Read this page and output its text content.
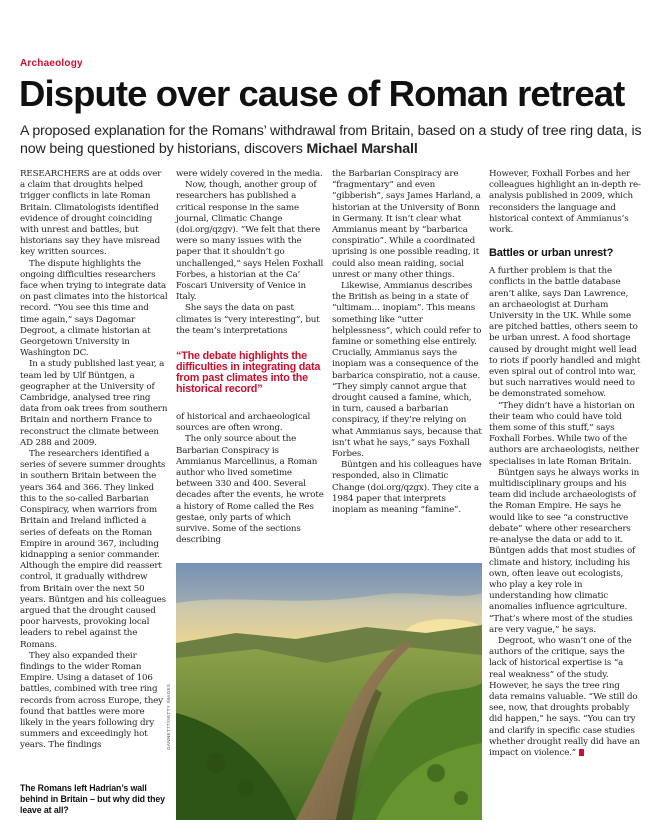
Archaeology
Dispute over cause of Roman retreat
A proposed explanation for the Romans’ withdrawal from Britain, based on a study of tree ring data, is now being questioned by historians, discovers Michael Marshall

RESEARCHERS are at odds over a claim that droughts helped trigger conflicts in late Roman Britain. Climatologists identified evidence of drought coinciding with unrest and battles, but historians say they have misread key written sources.

The dispute highlights the ongoing difficulties researchers face when trying to integrate data on past climates into the historical record. “You see this time and time again,” says Dagomar Degroot, a climate historian at Georgetown University in Washington DC.

In a study published last year, a team led by Ulf Büntgen, a geographer at the University of Cambridge, analysed tree ring data from oak trees from southern Britain and northern France to reconstruct the climate between AD 288 and 2009.

The researchers identified a series of severe summer droughts in southern Britain between the years 364 and 366. They linked this to the so-called Barbarian Conspiracy, when warriors from Britain and Ireland inflicted a series of defeats on the Roman Empire in around 367, including kidnapping a senior commander. Although the empire did reassert control, it gradually withdrew from Britain over the next 50 years. Büntgen and his colleagues argued that the drought caused poor harvests, provoking local leaders to rebel against the Romans.

They also expanded their findings to the wider Roman Empire. Using a dataset of 106 battles, combined with tree ring records from across Europe, they found that battles were more likely in the years following dry summers and exceedingly hot years. The findings

The Romans left Hadrian’s wall behind in Britain – but why did they leave at all?

were widely covered in the media.

Now, though, another group of researchers has published a critical response in the same journal, Climatic Change (doi.org/qzgv). “We felt that there were so many issues with the paper that it shouldn’t go unchallenged,” says Helen Foxhall Forbes, a historian at the Ca’ Foscari University of Venice in Italy.

She says the data on past climates is “very interesting”, but the team’s interpretations

“The debate highlights the difficulties in integrating data from past climates into the historical record”

of historical and archaeological sources are often wrong.

The only source about the Barbarian Conspiracy is Ammianus Marcellinus, a Roman author who lived sometime between 330 and 400. Several decades after the events, he wrote a history of Rome called the Res gestae, only parts of which survive. Some of the sections describing

the Barbarian Conspiracy are “fragmentary” and even “gibberish”, says James Harland, a historian at the University of Bonn in Germany. It isn’t clear what Ammianus meant by “barbarica conspiratio”. While a coordinated uprising is one possible reading, it could also mean raiding, social unrest or many other things.

Likewise, Ammianus describes the British as being in a state of “ultimam… inopiam”. This means something like “utter helplessness”, which could refer to famine or something else entirely. Crucially, Ammianus says the inopiam was a consequence of the barbarica conspiratio, not a cause. “They simply cannot argue that drought caused a famine, which, in turn, caused a barbarian conspiracy, if they’re relying on what Ammianus says, because that isn’t what he says,” says Foxhall Forbes.

Büntgen and his colleagues have responded, also in Climatic Change (doi.org/qzgx). They cite a 1984 paper that interprets inopiam as meaning “famine”.

However, Foxhall Forbes and her colleagues highlight an in-depth re-analysis published in 2009, which reconsiders the language and historical context of Ammianus’s work.

Battles or urban unrest?

A further problem is that the conflicts in the battle database aren’t alike, says Dan Lawrence, an archaeologist at Durham University in the UK. While some are pitched battles, others seem to be urban unrest. A food shortage caused by drought might well lead to riots if poorly handled and might even spiral out of control into war, but such narratives would need to be demonstrated somehow.

“They didn’t have a historian on their team who could have told them some of this stuff,” says Foxhall Forbes. While two of the authors are archaeologists, neither specialises in late Roman Britain.

Büntgen says he always works in multidisciplinary groups and his team did include archaeologists of the Roman Empire. He says he would like to see “a constructive debate” where other researchers re-analyse the data or add to it. Büntgen adds that most studies of climate and history, including his own, often leave out ecologists, who play a key role in understanding how climatic anomalies influence agriculture. “That’s where most of the studies are very vague,” he says.

Degroot, who wasn’t one of the authors of the critique, says the lack of historical expertise is “a real weakness” of the study. However, he says the tree ring data remains valuable. “We still do see, now, that droughts probably did happen,” he says. “You can try and clarify in specific case studies whether drought really did have an impact on violence.”

GANNET77/GETTY IMAGES
